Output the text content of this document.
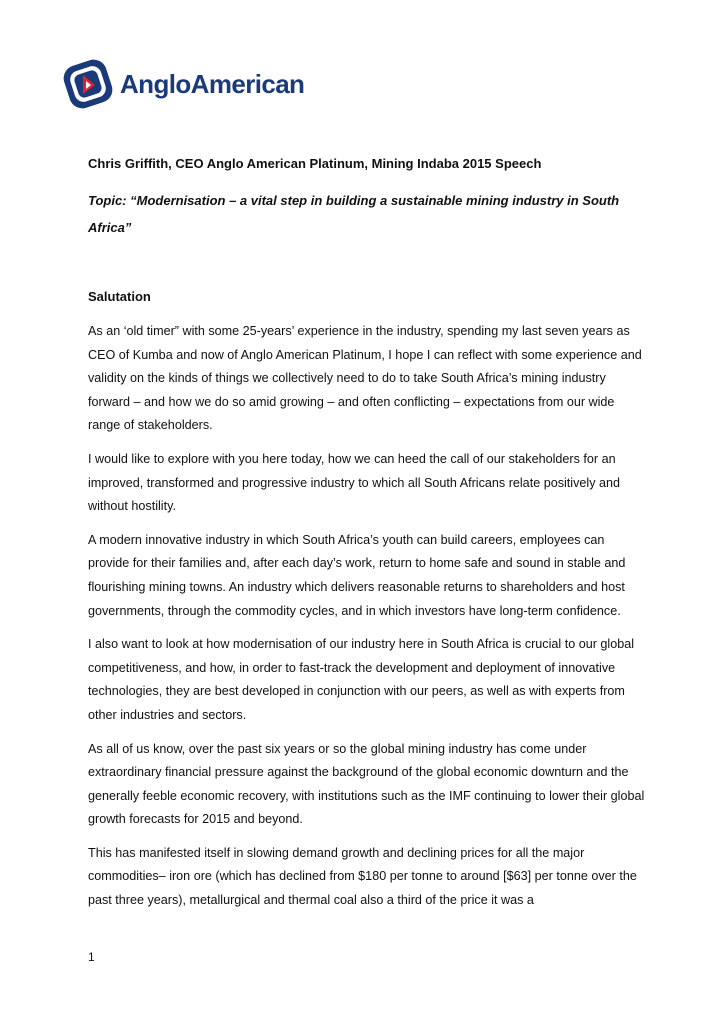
AngloAmerican

Chris Griffith, CEO Anglo American Platinum, Mining Indaba 2015 Speech

Topic: “Modernisation – a vital step in building a sustainable mining industry in South Africa”

Salutation

As an ‘old timer” with some 25-years’ experience in the industry, spending my last seven years as CEO of Kumba and now of Anglo American Platinum, I hope I can reflect with some experience and validity on the kinds of things we collectively need to do to take South Africa’s mining industry forward – and how we do so amid growing – and often conflicting – expectations from our wide range of stakeholders.

I would like to explore with you here today, how we can heed the call of our stakeholders for an improved, transformed and progressive industry to which all South Africans relate positively and without hostility.

A modern innovative industry in which South Africa’s youth can build careers, employees can provide for their families and, after each day’s work, return to home safe and sound in stable and flourishing mining towns. An industry which delivers reasonable returns to shareholders and host governments, through the commodity cycles, and in which investors have long-term confidence.

I also want to look at how modernisation of our industry here in South Africa is crucial to our global competitiveness, and how, in order to fast-track the development and deployment of innovative technologies, they are best developed in conjunction with our peers, as well as with experts from other industries and sectors.

As all of us know, over the past six years or so the global mining industry has come under extraordinary financial pressure against the background of the global economic downturn and the generally feeble economic recovery, with institutions such as the IMF continuing to lower their global growth forecasts for 2015 and beyond.

This has manifested itself in slowing demand growth and declining prices for all the major commodities– iron ore (which has declined from $180 per tonne to around [$63] per tonne over the past three years), metallurgical and thermal coal also a third of the price it was a

1
